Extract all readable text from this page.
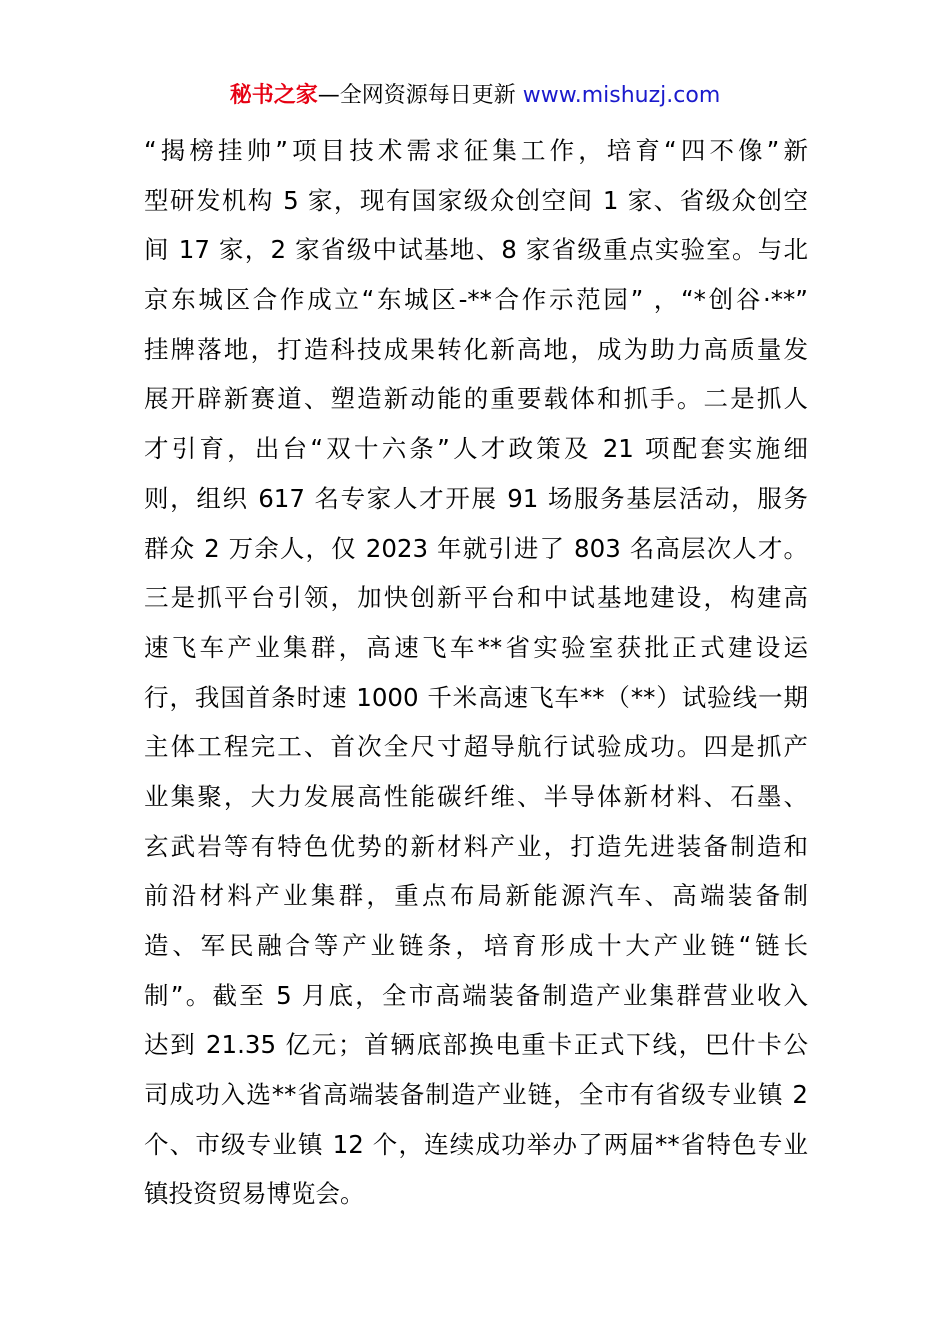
秘书之家—全网资源每日更新 www.mishuzj.com
“揭榜挂帅”项目技术需求征集工作，培育“四不像”新
型研发机构 5 家，现有国家级众创空间 1 家、省级众创空
间 17 家，2 家省级中试基地、8 家省级重点实验室。与北
京东城区合作成立“东城区-**合作示范园” ，“*创谷·**”
挂牌落地，打造科技成果转化新高地，成为助力高质量发
展开辟新赛道、塑造新动能的重要载体和抓手。二是抓人
才引育，出台“双十六条”人才政策及 21 项配套实施细
则，组织 617 名专家人才开展 91 场服务基层活动，服务
群众 2 万余人，仅 2023 年就引进了 803 名高层次人才。
三是抓平台引领，加快创新平台和中试基地建设，构建高
速飞车产业集群，高速飞车**省实验室获批正式建设运
行，我国首条时速 1000 千米高速飞车**（**）试验线一期
主体工程完工、首次全尺寸超导航行试验成功。四是抓产
业集聚，大力发展高性能碳纤维、半导体新材料、石墨、
玄武岩等有特色优势的新材料产业，打造先进装备制造和
前沿材料产业集群，重点布局新能源汽车、高端装备制
造、军民融合等产业链条，培育形成十大产业链“链长
制”。截至 5 月底，全市高端装备制造产业集群营业收入
达到 21.35 亿元；首辆底部换电重卡正式下线，巴什卡公
司成功入选**省高端装备制造产业链，全市有省级专业镇 2
个、市级专业镇 12 个，连续成功举办了两届**省特色专业
镇投资贸易博览会。
